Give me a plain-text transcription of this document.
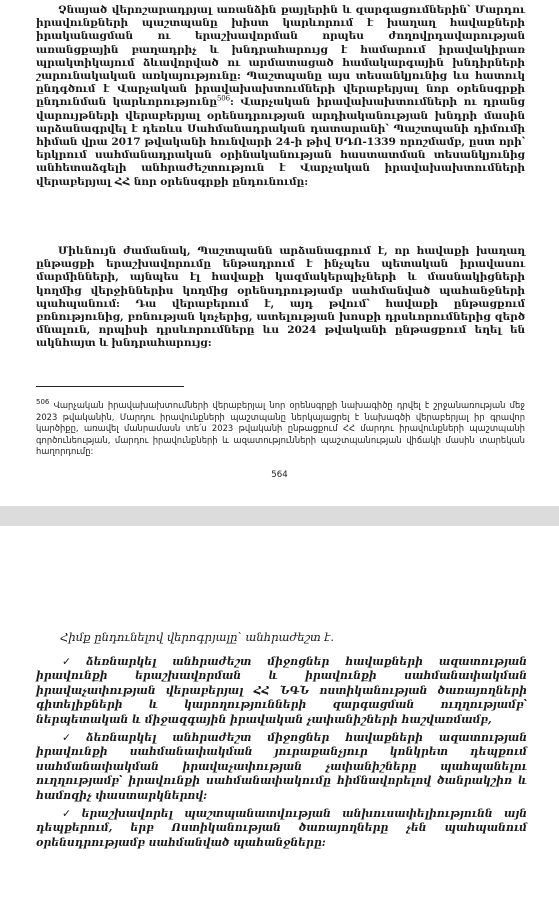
Չնայած վերոշարադրյալ առանձին քայլերին և զարգացումներին՝ Մարդու իրավունքների պաշտպանը խիստ կարևորում է խաղաղ հավաքների իրականացման ու երաշխավորման որպես ժողովրդավարության առանցքային բաղադրիչ և խնդրահարույց է համարում իրավակիրառ պրակտիկայում ձևավորված ու արմատացած համակարգային խնդիրների շարունակական առկայությունը: Պաշտպանը այս տեսանկյունից ևս հատուկ ընդգծում է Վարչական իրավախախտումների վերաբերյալ նոր օրենսգրքի ընդունման կարևորությունը$^{506}$: Վարչական իրավախախտումների ու դրանց վարույթների վերաբերյալ օրենսդրության արդիականության խնդրի մասին արձանագրվել է դեռևս Սահմանադրական դատարանի՝ Պաշտպանի դիմումի հիման վրա 2017 թվականի հունվարի 24-ի թիվ ՍԴՈ-1339 որոշմամբ, ըստ որի՝ երկրում սահմանադրական օրինականության հաստատման տեսանկյունից անհետաձգելի անհրաժեշտություն է Վարչական իրավախախտումների վերաբերյալ ՀՀ նոր օրենսգրքի ընդունումը:
Միևնույն ժամանակ, Պաշտպանն արձանագրում է, որ հավաքի խաղաղ ընթացքի երաշխավորումը ենթադրում է ինչպես պետական իրավասու մարմինների, այնպես էլ հավաքի կազմակերպիչների և մասնակիցների կողմից վերջիններիս կողմից օրենսդրությամբ սահմանված պահանջների պահպանում: Դա վերաբերում է, այդ թվում՝ հավաքի ընթացքում բռնությունից, բռնության կոչերից, ատելության խոսքի դրսևորումներից զերծ մնալուն, որպիսի դրսևորումները ևս 2024 թվականի ընթացքում եղել են ակնհայտ և խնդրահարույց:
$^{506}$ Վարչական իրավախախտումների վերաբերյալ նոր օրենսգրքի նախագիծը դրվել է շրջանառության մեջ 2023 թվականին, Մարդու իրավունքների պաշտպանը ներկայացրել է նախագծի վերաբերյալ իր գրավոր կարծիքը, առավել մանրամասն տե՛ս 2023 թվականի ընթացքում ՀՀ մարդու իրավունքների պաշտպանի գործունեության, մարդու իրավունքների և ազատությունների պաշտպանության վիճակի մասին տարեկան հաղորդումը:
564
Հիմք ընդունելով վերոգրյալը՝ անհրաժեշտ է.

✓ ձեռնարկել անհրաժեշտ միջոցներ հավաքների ազատության իրավունքի երաշխավորման և իրավունքի սահմանափակման իրավաչափության վերաբերյալ ՀՀ ՆԳՆ ոստիկանության ծառայողների գիտելիքների և կարողությունների զարգացման ուղղությամբ՝ ներպետական և միջազգային իրավական չափանիշների հաշվառմամբ,

✓ ձեռնարկել անհրաժեշտ միջոցներ հավաքների ազատության իրավունքի սահմանափակման յուրաքանչյուր կոնկրետ դեպքում սահմանափակման իրավաչափության չափանիշները պահպանելու ուղղությամբ՝ իրավունքի սահմանափակումը հիմնավորելով ծանրակշիռ և համոզիչ փաստարկներով:

✓ երաշխավորել պաշտպանատվության անխուսափելիությունն այն դեպքերում, երբ Ոստիկանության ծառայողները չեն պահպանում օրենսդրությամբ սահմանված պահանջները:
